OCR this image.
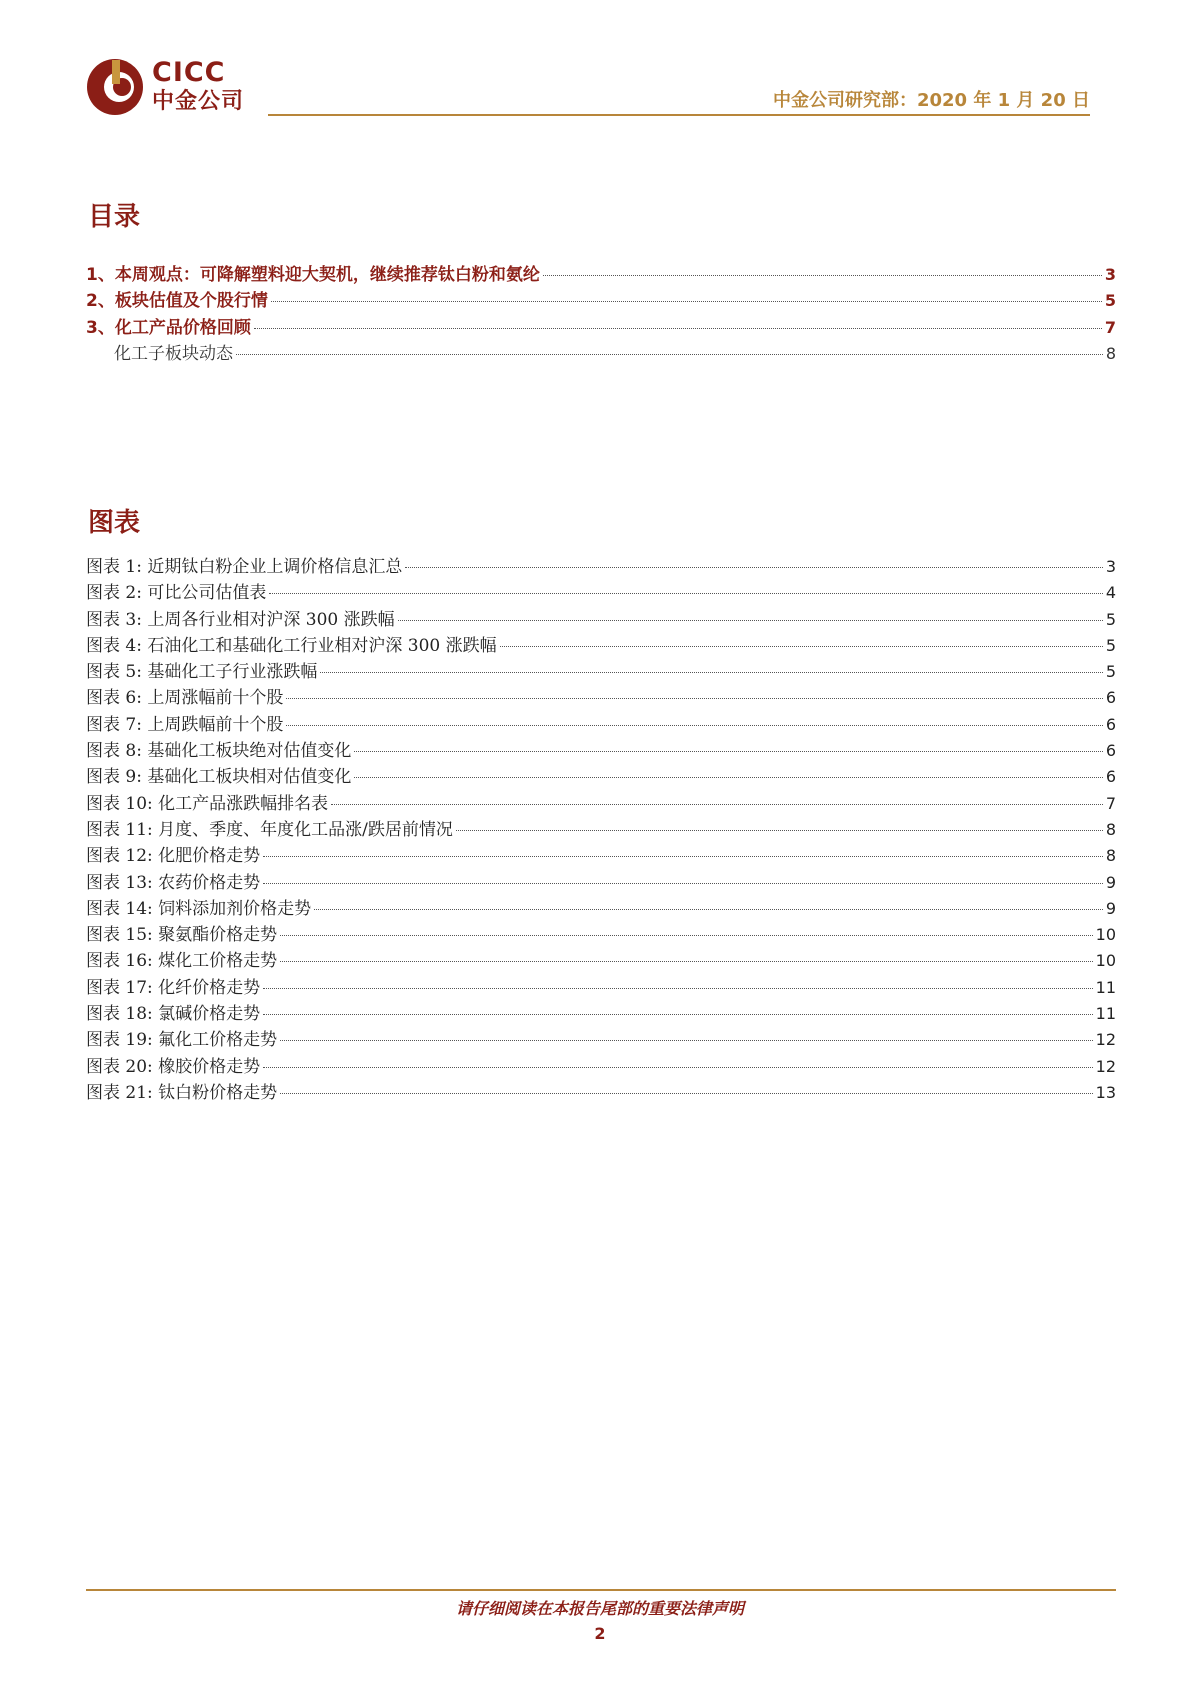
CICC
中金公司	中金公司研究部：2020 年 1 月 20 日
目录
1、本周观点：可降解塑料迎大契机，继续推荐钛白粉和氨纶	3
2、板块估值及个股行情	5
3、化工产品价格回顾	7
化工子板块动态	8
图表
图表 1: 近期钛白粉企业上调价格信息汇总	3
图表 2: 可比公司估值表	4
图表 3: 上周各行业相对沪深 300 涨跌幅	5
图表 4: 石油化工和基础化工行业相对沪深 300 涨跌幅	5
图表 5: 基础化工子行业涨跌幅	5
图表 6: 上周涨幅前十个股	6
图表 7: 上周跌幅前十个股	6
图表 8: 基础化工板块绝对估值变化	6
图表 9: 基础化工板块相对估值变化	6
图表 10: 化工产品涨跌幅排名表	7
图表 11: 月度、季度、年度化工品涨/跌居前情况	8
图表 12: 化肥价格走势	8
图表 13: 农药价格走势	9
图表 14: 饲料添加剂价格走势	9
图表 15: 聚氨酯价格走势	10
图表 16: 煤化工价格走势	10
图表 17: 化纤价格走势	11
图表 18: 氯碱价格走势	11
图表 19: 氟化工价格走势	12
图表 20: 橡胶价格走势	12
图表 21: 钛白粉价格走势	13
请仔细阅读在本报告尾部的重要法律声明
2
